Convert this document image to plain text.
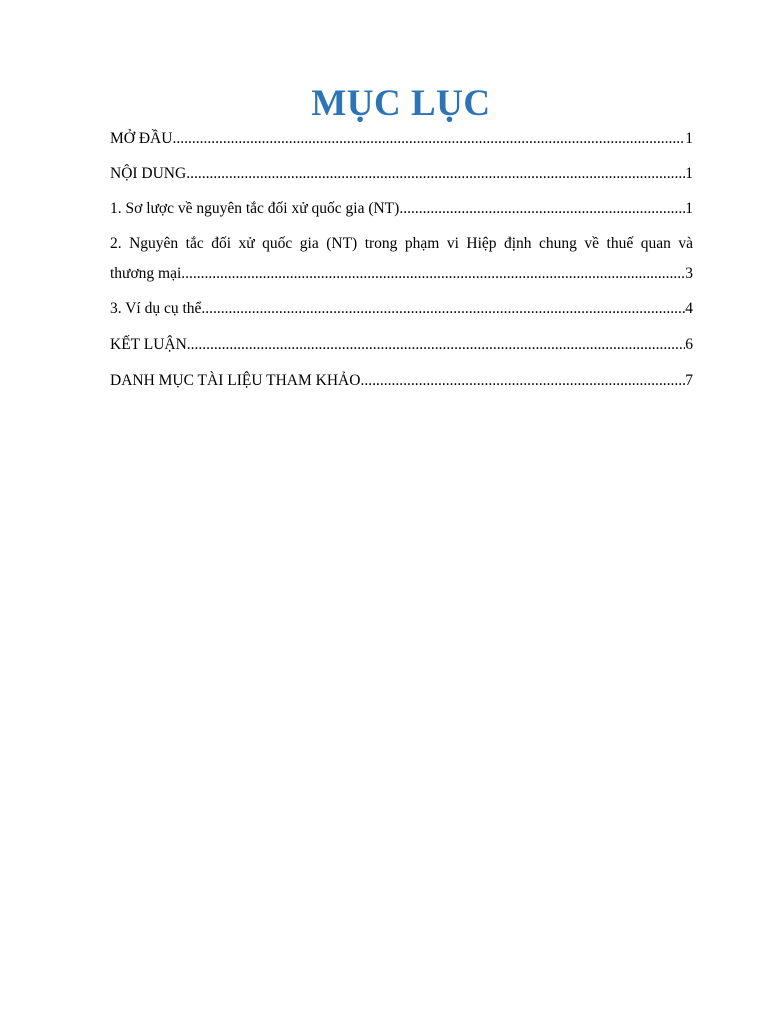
MỤC LỤC
MỞ ĐẦU .....	1
NỘI DUNG .....	1
1. Sơ lược về nguyên tắc đối xử quốc gia (NT) .....	1
2. Nguyên tắc đối xử quốc gia (NT) trong phạm vi Hiệp định chung về thuế quan và
thương mại .....	3
3. Ví dụ cụ thể .....	4
KẾT LUẬN .....	6
DANH MỤC TÀI LIỆU THAM KHẢO .....	7
